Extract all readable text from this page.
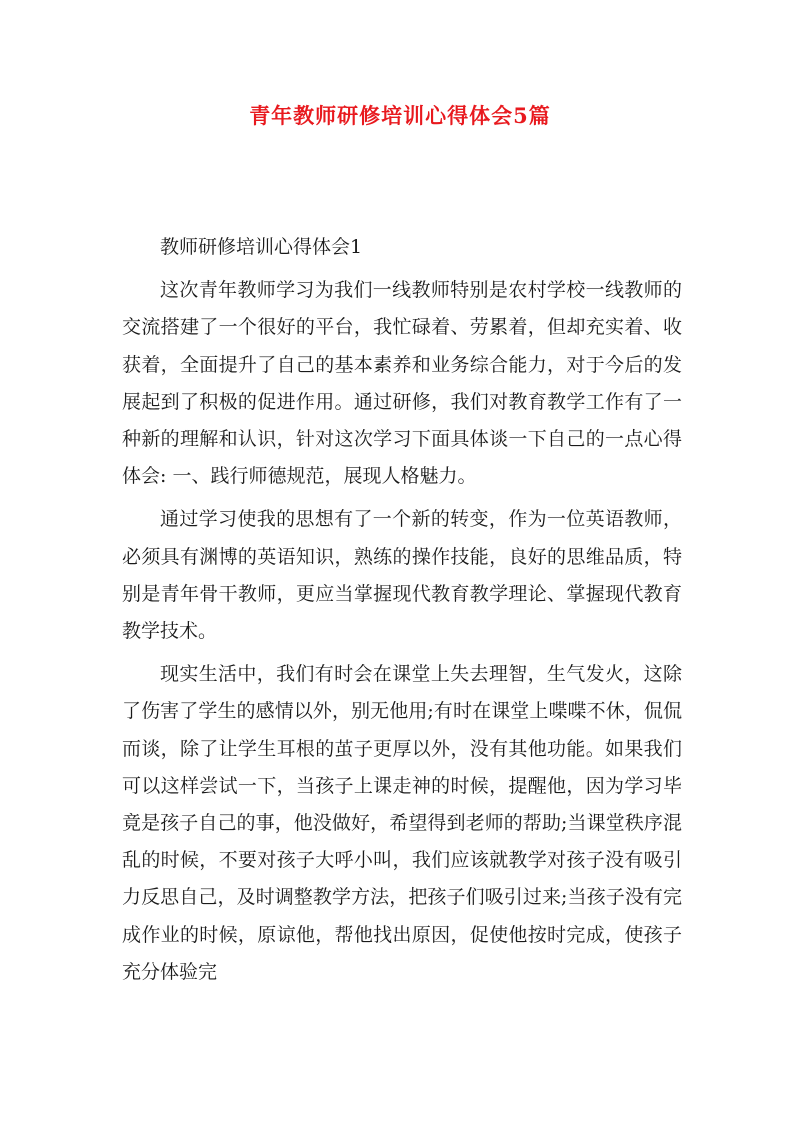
青年教师研修培训心得体会5篇

教师研修培训心得体会1

这次青年教师学习为我们一线教师特别是农村学校一线教师的交流搭建了一个很好的平台，我忙碌着、劳累着，但却充实着、收获着，全面提升了自己的基本素养和业务综合能力，对于今后的发展起到了积极的促进作用。通过研修，我们对教育教学工作有了一种新的理解和认识，针对这次学习下面具体谈一下自己的一点心得体会: 一、践行师德规范，展现人格魅力。

通过学习使我的思想有了一个新的转变，作为一位英语教师，必须具有渊博的英语知识，熟练的操作技能，良好的思维品质，特别是青年骨干教师，更应当掌握现代教育教学理论、掌握现代教育教学技术。

现实生活中，我们有时会在课堂上失去理智，生气发火，这除了伤害了学生的感情以外，别无他用;有时在课堂上喋喋不休，侃侃而谈，除了让学生耳根的茧子更厚以外，没有其他功能。如果我们可以这样尝试一下，当孩子上课走神的时候，提醒他，因为学习毕竟是孩子自己的事，他没做好，希望得到老师的帮助;当课堂秩序混乱的时候，不要对孩子大呼小叫，我们应该就教学对孩子没有吸引力反思自己，及时调整教学方法，把孩子们吸引过来;当孩子没有完成作业的时候，原谅他，帮他找出原因，促使他按时完成，使孩子充分体验完
